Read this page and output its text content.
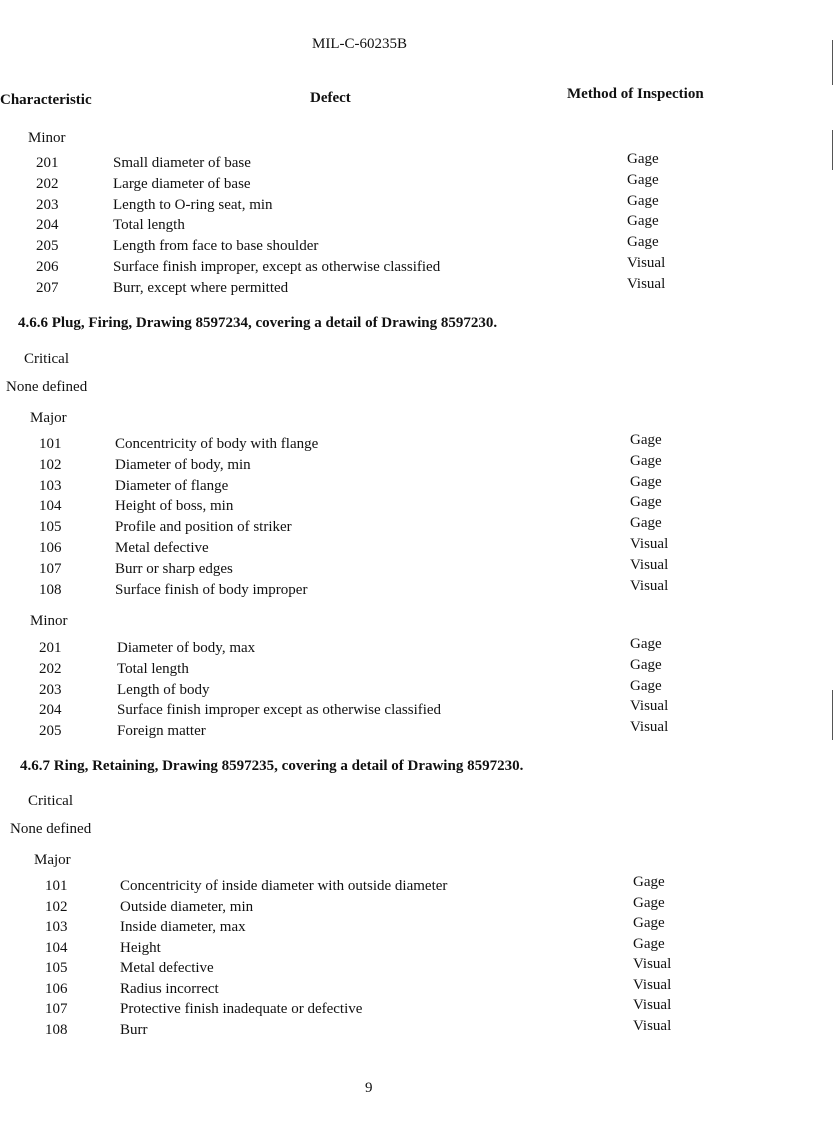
MIL-C-60235B
Characteristic	Defect	Method of Inspection
Minor
201	Small diameter of base	Gage
202	Large diameter of base	Gage
203	Length to O-ring seat, min	Gage
204	Total length	Gage
205	Length from face to base shoulder	Gage
206	Surface finish improper, except as otherwise classified	Visual
207	Burr, except where permitted	Visual
4.6.6 Plug, Firing, Drawing 8597234, covering a detail of Drawing 8597230.
Critical
None defined
Major
101	Concentricity of body with flange	Gage
102	Diameter of body, min	Gage
103	Diameter of flange	Gage
104	Height of boss, min	Gage
105	Profile and position of striker	Gage
106	Metal defective	Visual
107	Burr or sharp edges	Visual
108	Surface finish of body improper	Visual
Minor
201	Diameter of body, max	Gage
202	Total length	Gage
203	Length of body	Gage
204	Surface finish improper except as otherwise classified	Visual
205	Foreign matter	Visual
4.6.7 Ring, Retaining, Drawing 8597235, covering a detail of Drawing 8597230.
Critical
None defined
Major
101	Concentricity of inside diameter with outside diameter	Gage
102	Outside diameter, min	Gage
103	Inside diameter, max	Gage
104	Height	Gage
105	Metal defective	Visual
106	Radius incorrect	Visual
107	Protective finish inadequate or defective	Visual
108	Burr	Visual
9
